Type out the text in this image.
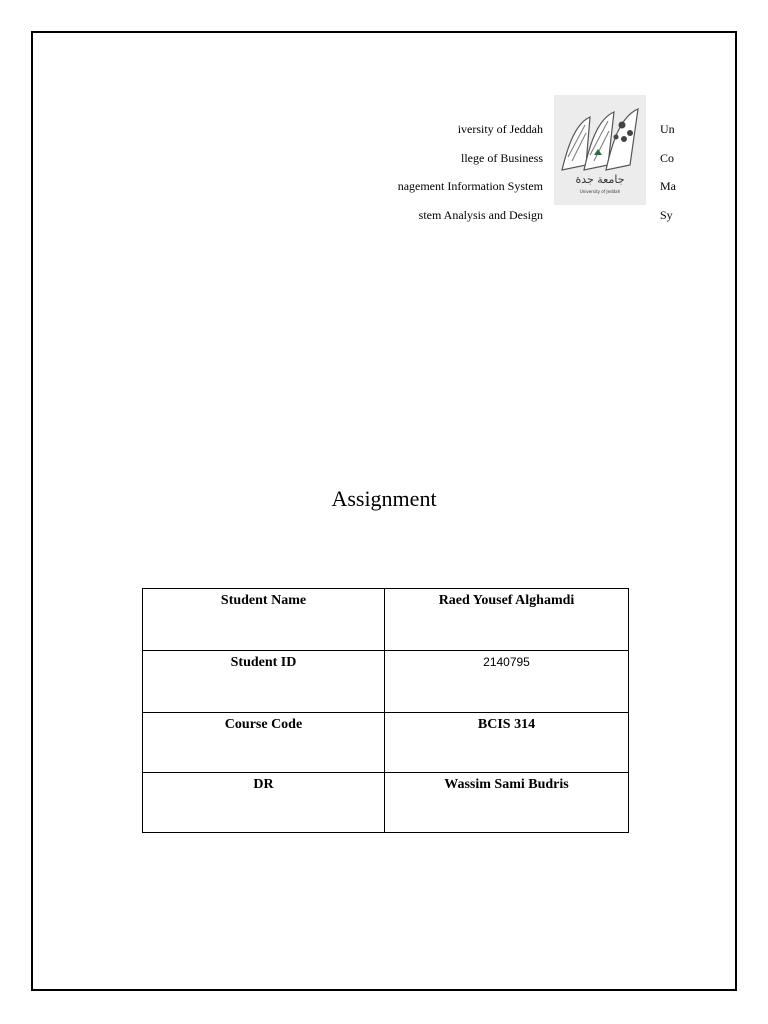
iversity of Jeddah
llege of Business
nagement Information System
stem Analysis and Design
جامعة جدة
University of Jeddah
Un
Co
Ma
Sy
Assignment
Student Name	Raed Yousef Alghamdi
Student ID	2140795
Course Code	BCIS 314
DR	Wassim Sami Budris
